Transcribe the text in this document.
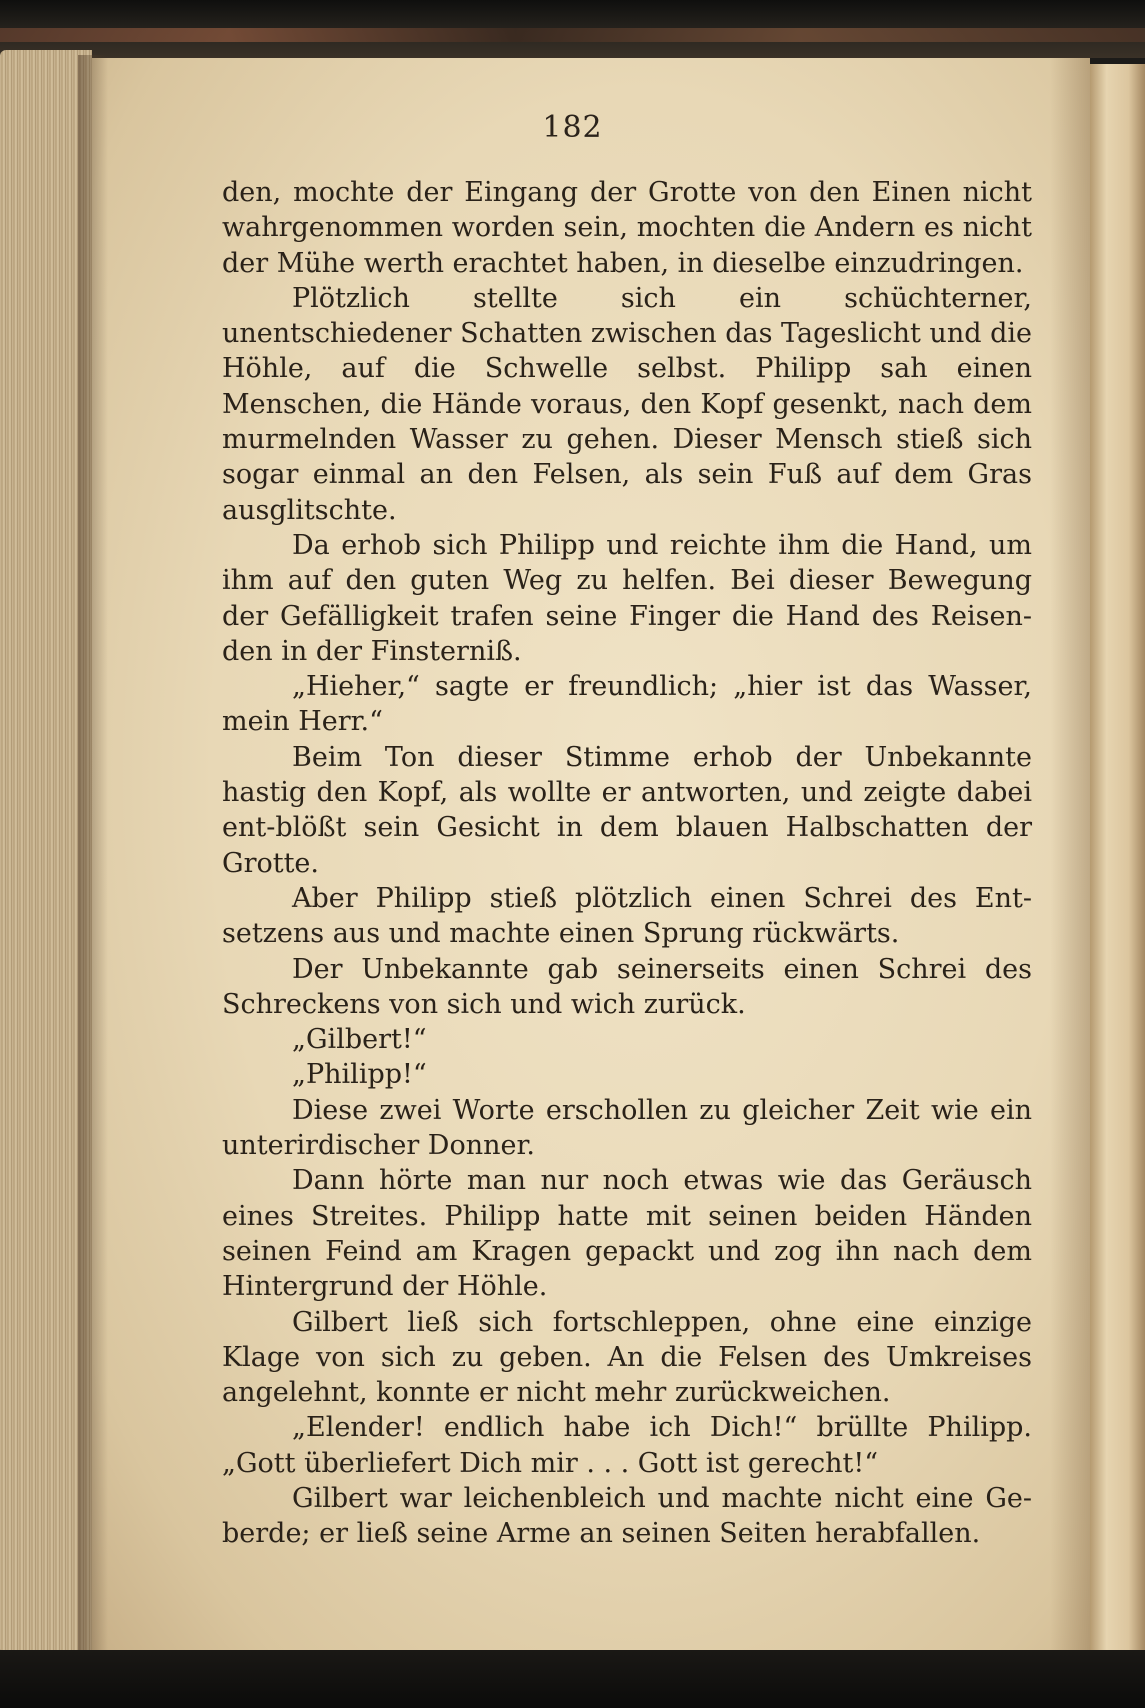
182

den, mochte der Eingang der Grotte von den Einen nicht wahrgenommen worden sein, mochten die Andern es nicht der Mühe werth erachtet haben, in dieselbe einzudringen.

Plötzlich stellte sich ein schüchterner, unentschiedener Schatten zwischen das Tageslicht und die Höhle, auf die Schwelle selbst. Philipp sah einen Menschen, die Hände voraus, den Kopf gesenkt, nach dem murmelnden Wasser zu gehen. Dieser Mensch stieß sich sogar einmal an den Felsen, als sein Fuß auf dem Gras ausglitschte.

Da erhob sich Philipp und reichte ihm die Hand, um ihm auf den guten Weg zu helfen. Bei dieser Bewegung der Gefälligkeit trafen seine Finger die Hand des Reisen-den in der Finsterniß.

„Hieher,“ sagte er freundlich; „hier ist das Wasser, mein Herr.“

Beim Ton dieser Stimme erhob der Unbekannte hastig den Kopf, als wollte er antworten, und zeigte dabei ent-blößt sein Gesicht in dem blauen Halbschatten der Grotte.

Aber Philipp stieß plötzlich einen Schrei des Ent-setzens aus und machte einen Sprung rückwärts.

Der Unbekannte gab seinerseits einen Schrei des Schreckens von sich und wich zurück.

„Gilbert!“

„Philipp!“

Diese zwei Worte erschollen zu gleicher Zeit wie ein unterirdischer Donner.

Dann hörte man nur noch etwas wie das Geräusch eines Streites. Philipp hatte mit seinen beiden Händen seinen Feind am Kragen gepackt und zog ihn nach dem Hintergrund der Höhle.

Gilbert ließ sich fortschleppen, ohne eine einzige Klage von sich zu geben. An die Felsen des Umkreises angelehnt, konnte er nicht mehr zurückweichen.

„Elender! endlich habe ich Dich!“ brüllte Philipp. „Gott überliefert Dich mir . . . Gott ist gerecht!“

Gilbert war leichenbleich und machte nicht eine Ge-berde; er ließ seine Arme an seinen Seiten herabfallen.
